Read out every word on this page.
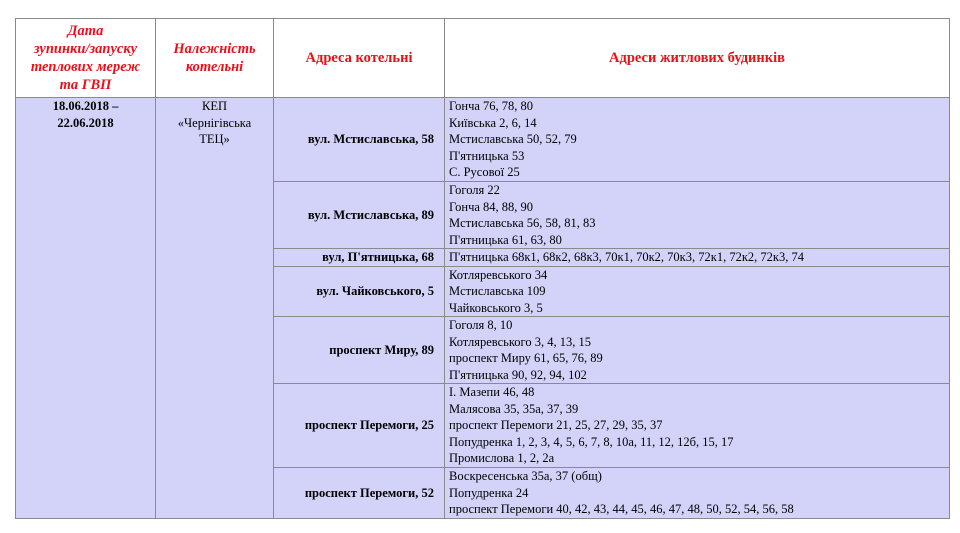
Дата
зупинки/запуску
теплових мереж
та ГВП	Належність
котельні	Адреса котельні	Адреси житлових будинків

18.06.2018 –
22.06.2018	КЕП
«Чернігівська
ТЕЦ»	вул. Мстиславська, 58	Гонча 76, 78, 80
Київська 2, 6, 14
Мстиславська 50, 52, 79
П'ятницька 53
С. Русової 25

		вул. Мстиславська, 89	Гоголя 22
Гонча 84, 88, 90
Мстиславська 56, 58, 81, 83
П'ятницька 61, 63, 80

		вул, П'ятницька, 68	П'ятницька 68к1, 68к2, 68к3, 70к1, 70к2, 70к3, 72к1, 72к2, 72к3, 74

		вул. Чайковського, 5	Котляревського 34
Мстиславська 109
Чайковського 3, 5

		проспект Миру, 89	Гоголя 8, 10
Котляревського 3, 4, 13, 15
проспект Миру 61, 65, 76, 89
П'ятницька 90, 92, 94, 102

		проспект Перемоги, 25	І. Мазепи 46, 48
Малясова 35, 35а, 37, 39
проспект Перемоги 21, 25, 27, 29, 35, 37
Попудренка 1, 2, 3, 4, 5, 6, 7, 8, 10а, 11, 12, 12б, 15, 17
Промислова 1, 2, 2а

		проспект Перемоги, 52	Воскресенська 35а, 37 (общ)
Попудренка 24
проспект Перемоги 40, 42, 43, 44, 45, 46, 47, 48, 50, 52, 54, 56, 58
